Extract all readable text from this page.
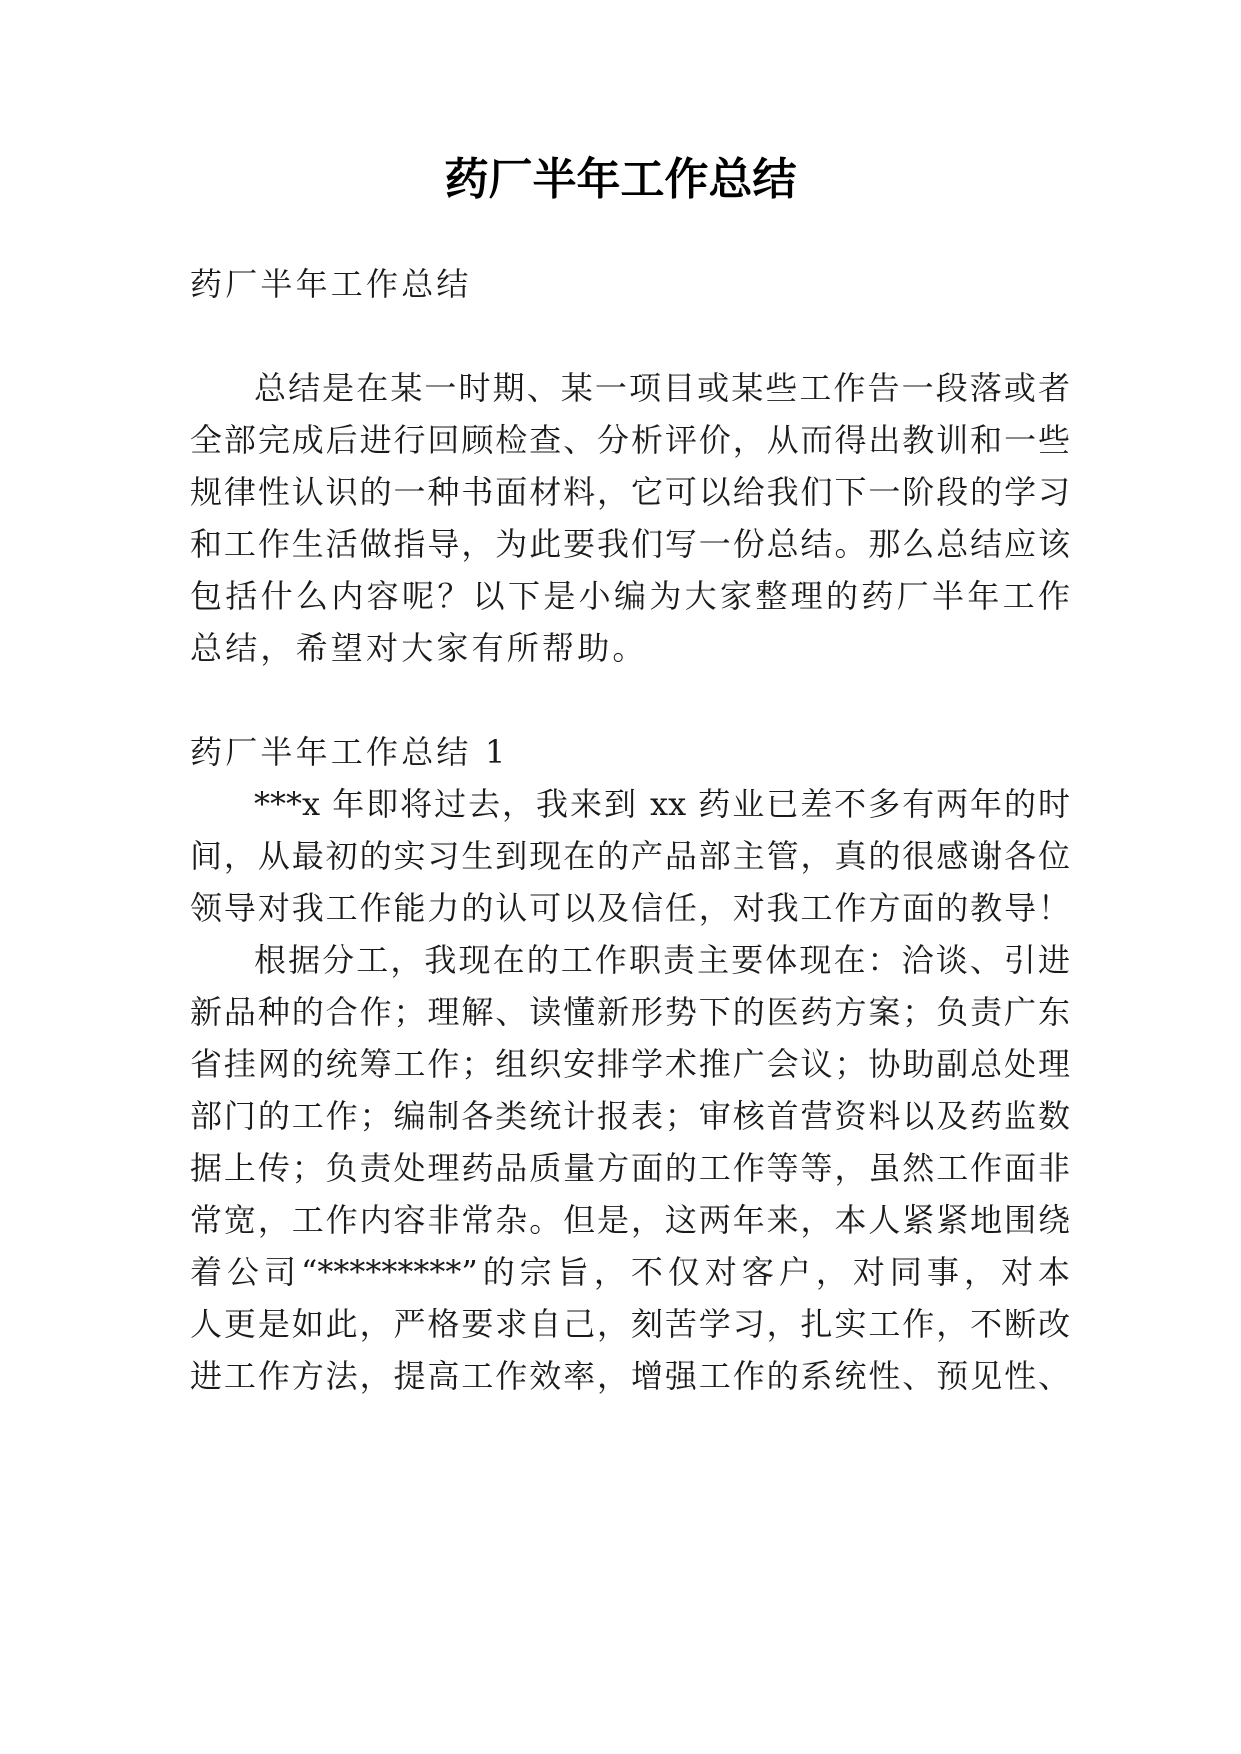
药厂半年工作总结
药厂半年工作总结
总结是在某一时期、某一项目或某些工作告一段落或者
全部完成后进行回顾检查、分析评价，从而得出教训和一些
规律性认识的一种书面材料，它可以给我们下一阶段的学习
和工作生活做指导，为此要我们写一份总结。那么总结应该
包括什么内容呢？以下是小编为大家整理的药厂半年工作
总结，希望对大家有所帮助。
药厂半年工作总结 1
***x 年即将过去，我来到 xx 药业已差不多有两年的时
间，从最初的实习生到现在的产品部主管，真的很感谢各位
领导对我工作能力的认可以及信任，对我工作方面的教导！
根据分工，我现在的工作职责主要体现在：洽谈、引进
新品种的合作；理解、读懂新形势下的医药方案；负责广东
省挂网的统筹工作；组织安排学术推广会议；协助副总处理
部门的工作；编制各类统计报表；审核首营资料以及药监数
据上传；负责处理药品质量方面的工作等等，虽然工作面非
常宽，工作内容非常杂。但是，这两年来，本人紧紧地围绕
着公司“*********”的宗旨，不仅对客户，对同事，对本
人更是如此，严格要求自己，刻苦学习，扎实工作，不断改
进工作方法，提高工作效率，增强工作的系统性、预见性、
